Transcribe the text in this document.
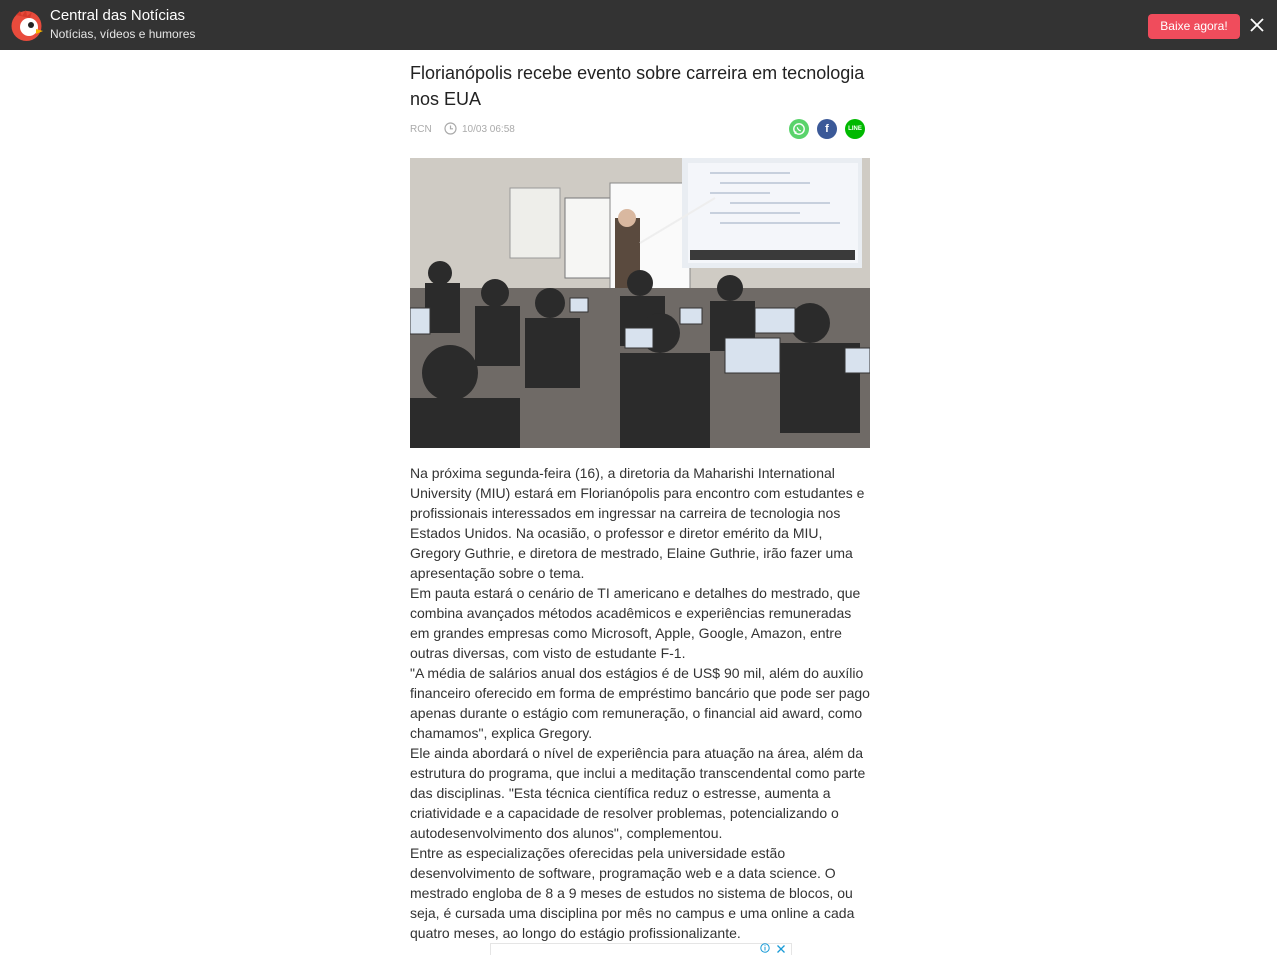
Central das Notícias
Notícias, vídeos e humores
Baixe agora!
Florianópolis recebe evento sobre carreira em tecnologia nos EUA
RCN	10/03 06:58	f	LINE

Na próxima segunda-feira (16), a diretoria da Maharishi International University (MIU) estará em Florianópolis para encontro com estudantes e profissionais interessados em ingressar na carreira de tecnologia nos Estados Unidos. Na ocasião, o professor e diretor emérito da MIU, Gregory Guthrie, e diretora de mestrado, Elaine Guthrie, irão fazer uma apresentação sobre o tema.

Em pauta estará o cenário de TI americano e detalhes do mestrado, que combina avançados métodos acadêmicos e experiências remuneradas em grandes empresas como Microsoft, Apple, Google, Amazon, entre outras diversas, com visto de estudante F-1.

"A média de salários anual dos estágios é de US$ 90 mil, além do auxílio financeiro oferecido em forma de empréstimo bancário que pode ser pago apenas durante o estágio com remuneração, o financial aid award, como chamamos", explica Gregory.

Ele ainda abordará o nível de experiência para atuação na área, além da estrutura do programa, que inclui a meditação transcendental como parte das disciplinas. "Esta técnica científica reduz o estresse, aumenta a criatividade e a capacidade de resolver problemas, potencializando o autodesenvolvimento dos alunos", complementou.

Entre as especializações oferecidas pela universidade estão desenvolvimento de software, programação web e a data science. O mestrado engloba de 8 a 9 meses de estudos no sistema de blocos, ou seja, é cursada uma disciplina por mês no campus e uma online a cada quatro meses, ao longo do estágio profissionalizante.
